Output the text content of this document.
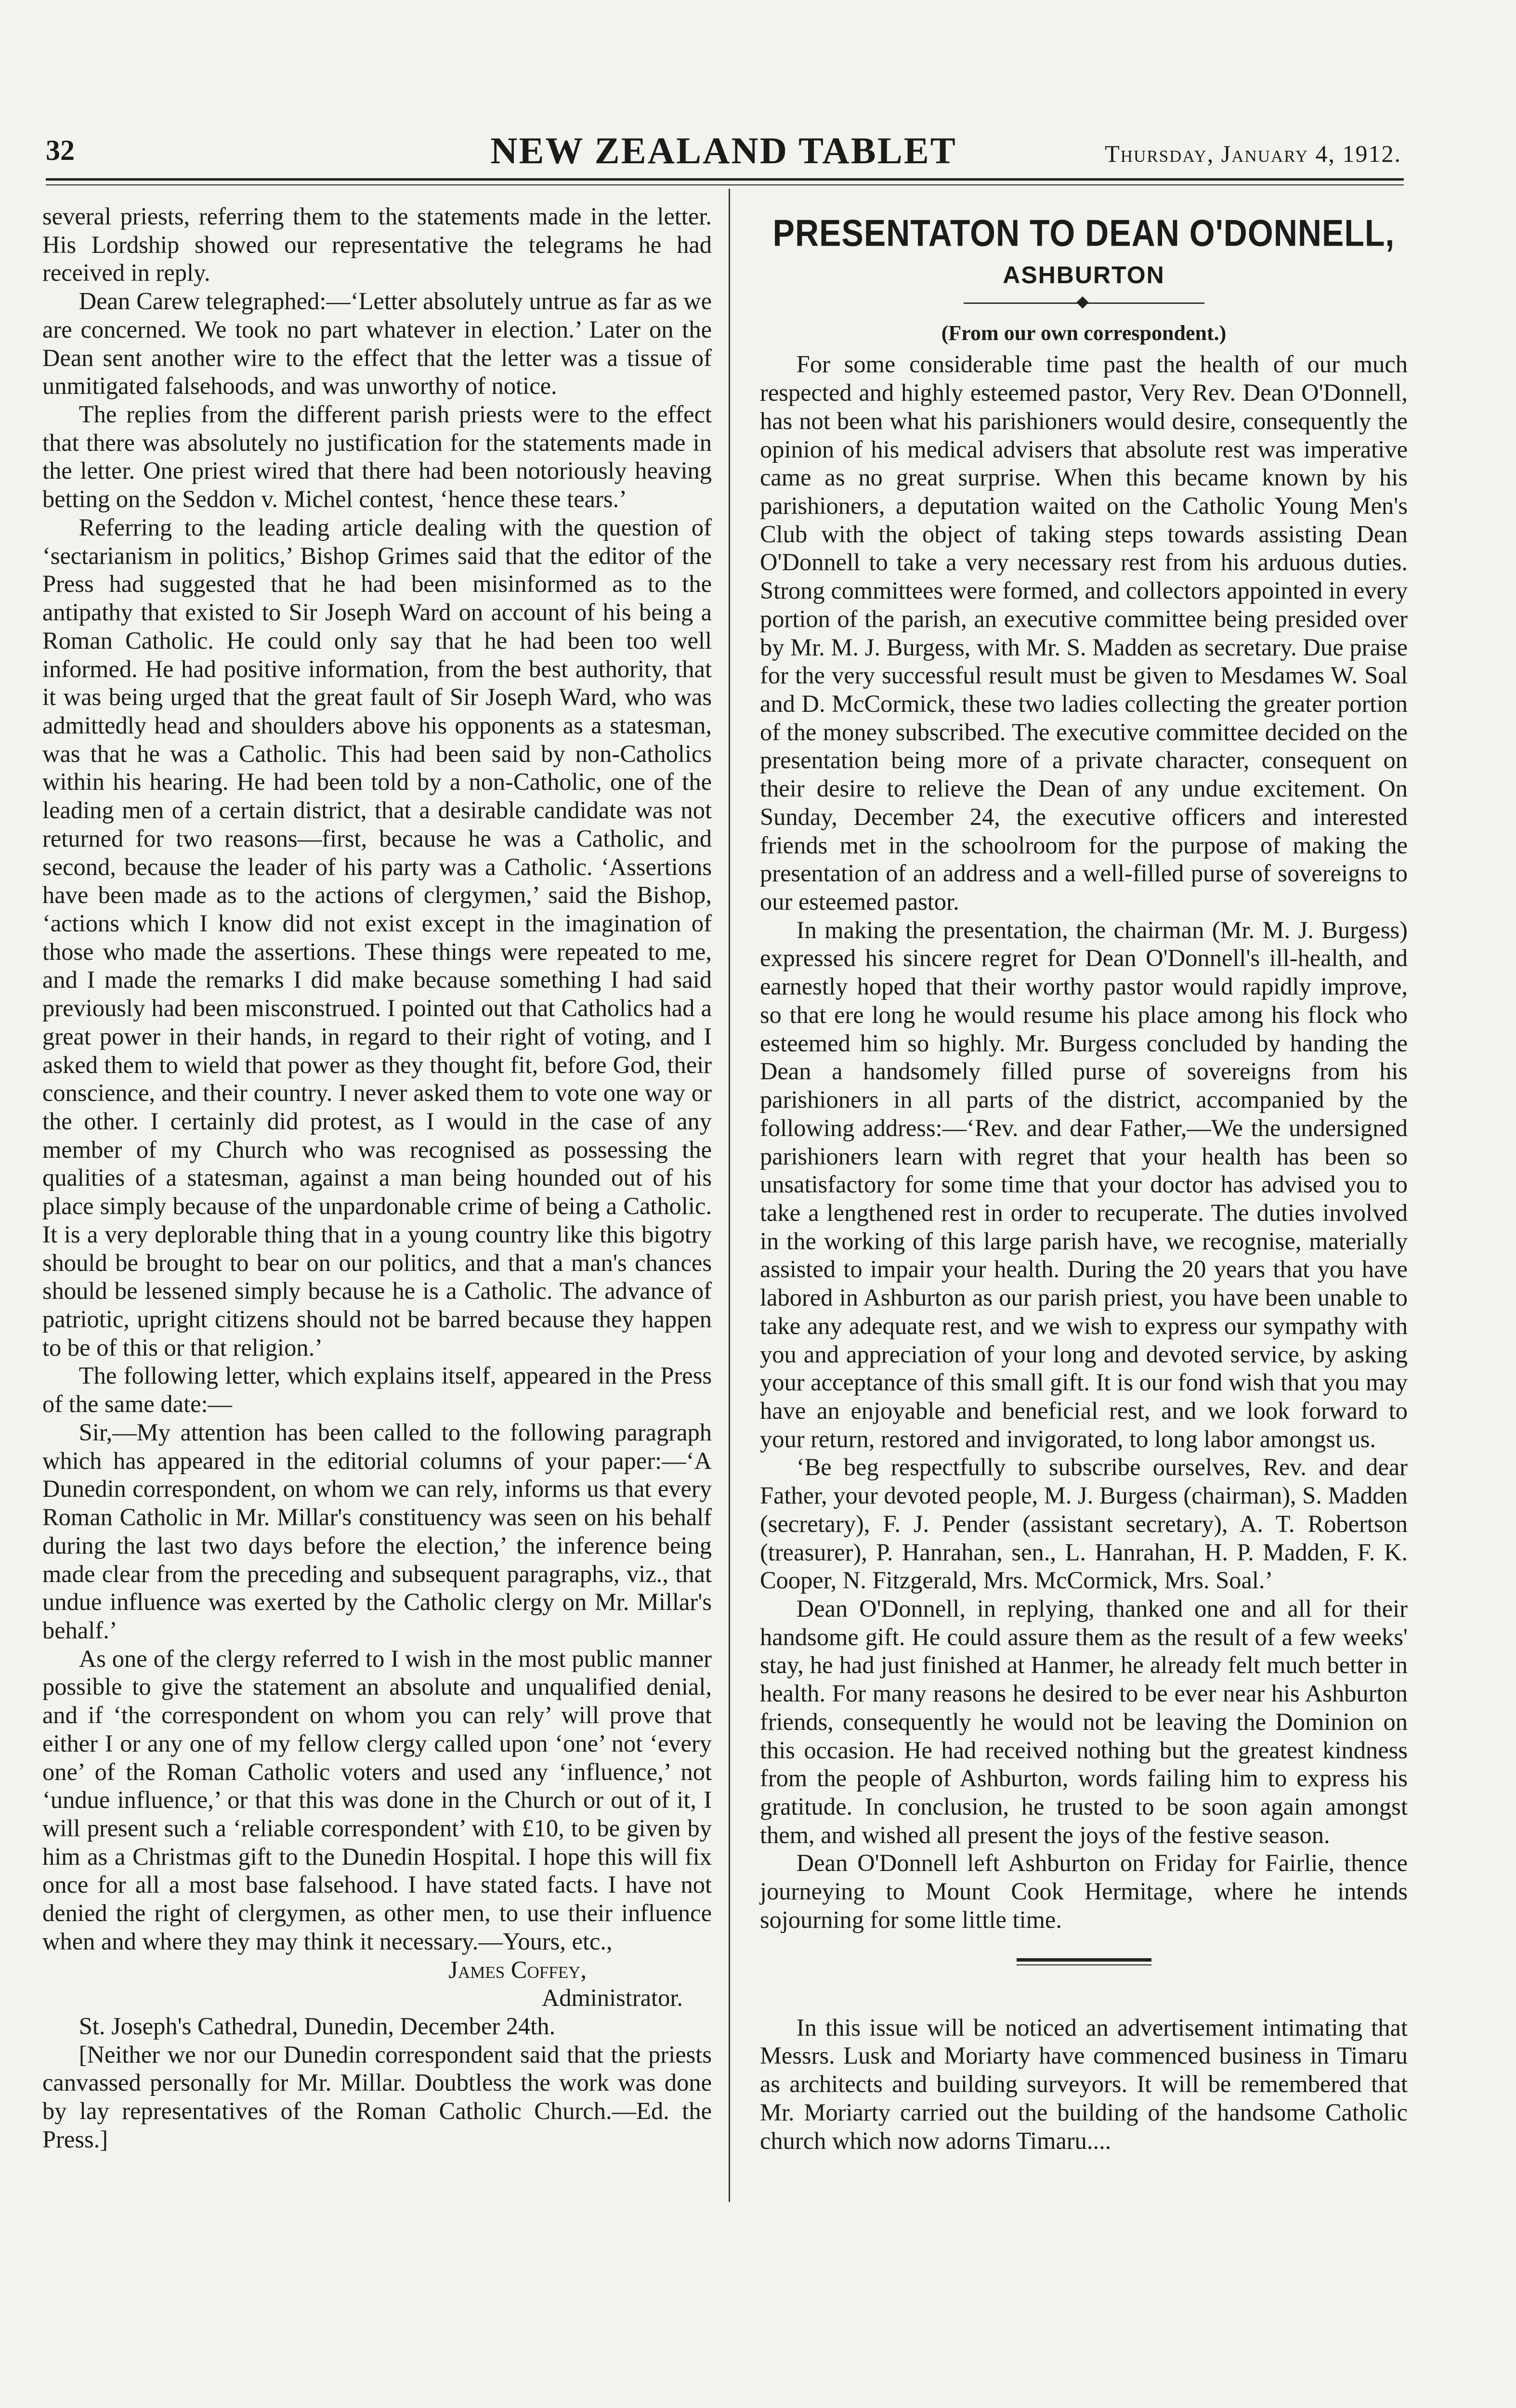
32	NEW ZEALAND TABLET	Thursday, January 4, 1912.

several priests, referring them to the statements made in the letter. His Lordship showed our representative the telegrams he had received in reply.

Dean Carew telegraphed:—‘Letter absolutely untrue as far as we are concerned. We took no part whatever in election.’ Later on the Dean sent another wire to the effect that the letter was a tissue of unmitigated falsehoods, and was unworthy of notice.

The replies from the different parish priests were to the effect that there was absolutely no justification for the statements made in the letter. One priest wired that there had been notoriously heaving betting on the Seddon v. Michel contest, ‘hence these tears.’

Referring to the leading article dealing with the question of ‘sectarianism in politics,’ Bishop Grimes said that the editor of the Press had suggested that he had been misinformed as to the antipathy that existed to Sir Joseph Ward on account of his being a Roman Catholic. He could only say that he had been too well informed. He had positive information, from the best authority, that it was being urged that the great fault of Sir Joseph Ward, who was admittedly head and shoulders above his opponents as a statesman, was that he was a Catholic. This had been said by non-Catholics within his hearing. He had been told by a non-Catholic, one of the leading men of a certain district, that a desirable candidate was not returned for two reasons—first, because he was a Catholic, and second, because the leader of his party was a Catholic. ‘Assertions have been made as to the actions of clergymen,’ said the Bishop, ‘actions which I know did not exist except in the imagination of those who made the assertions. These things were repeated to me, and I made the remarks I did make because something I had said previously had been misconstrued. I pointed out that Catholics had a great power in their hands, in regard to their right of voting, and I asked them to wield that power as they thought fit, before God, their conscience, and their country. I never asked them to vote one way or the other. I certainly did protest, as I would in the case of any member of my Church who was recognised as possessing the qualities of a statesman, against a man being hounded out of his place simply because of the unpardonable crime of being a Catholic. It is a very deplorable thing that in a young country like this bigotry should be brought to bear on our politics, and that a man's chances should be lessened simply because he is a Catholic. The advance of patriotic, upright citizens should not be barred because they happen to be of this or that religion.’

The following letter, which explains itself, appeared in the Press of the same date:—

Sir,—My attention has been called to the following paragraph which has appeared in the editorial columns of your paper:—‘A Dunedin correspondent, on whom we can rely, informs us that every Roman Catholic in Mr. Millar's constituency was seen on his behalf during the last two days before the election,’ the inference being made clear from the preceding and subsequent paragraphs, viz., that undue influence was exerted by the Catholic clergy on Mr. Millar's behalf.’

As one of the clergy referred to I wish in the most public manner possible to give the statement an absolute and unqualified denial, and if ‘the correspondent on whom you can rely’ will prove that either I or any one of my fellow clergy called upon ‘one’ not ‘every one’ of the Roman Catholic voters and used any ‘influence,’ not ‘undue influence,’ or that this was done in the Church or out of it, I will present such a ‘reliable correspondent’ with £10, to be given by him as a Christmas gift to the Dunedin Hospital. I hope this will fix once for all a most base falsehood. I have stated facts. I have not denied the right of clergymen, as other men, to use their influence when and where they may think it necessary.—Yours, etc.,

James Coffey,

Administrator.

St. Joseph's Cathedral, Dunedin, December 24th.

[Neither we nor our Dunedin correspondent said that the priests canvassed personally for Mr. Millar. Doubtless the work was done by lay representatives of the Roman Catholic Church.—Ed. the Press.]

PRESENTATON TO DEAN O'DONNELL,
ASHBURTON
(From our own correspondent.)

For some considerable time past the health of our much respected and highly esteemed pastor, Very Rev. Dean O'Donnell, has not been what his parishioners would desire, consequently the opinion of his medical advisers that absolute rest was imperative came as no great surprise. When this became known by his parishioners, a deputation waited on the Catholic Young Men's Club with the object of taking steps towards assisting Dean O'Donnell to take a very necessary rest from his arduous duties. Strong committees were formed, and collectors appointed in every portion of the parish, an executive committee being presided over by Mr. M. J. Burgess, with Mr. S. Madden as secretary. Due praise for the very successful result must be given to Mesdames W. Soal and D. McCormick, these two ladies collecting the greater portion of the money subscribed. The executive committee decided on the presentation being more of a private character, consequent on their desire to relieve the Dean of any undue excitement. On Sunday, December 24, the executive officers and interested friends met in the schoolroom for the purpose of making the presentation of an address and a well-filled purse of sovereigns to our esteemed pastor.

In making the presentation, the chairman (Mr. M. J. Burgess) expressed his sincere regret for Dean O'Donnell's ill-health, and earnestly hoped that their worthy pastor would rapidly improve, so that ere long he would resume his place among his flock who esteemed him so highly. Mr. Burgess concluded by handing the Dean a handsomely filled purse of sovereigns from his parishioners in all parts of the district, accompanied by the following address:—‘Rev. and dear Father,—We the undersigned parishioners learn with regret that your health has been so unsatisfactory for some time that your doctor has advised you to take a lengthened rest in order to recuperate. The duties involved in the working of this large parish have, we recognise, materially assisted to impair your health. During the 20 years that you have labored in Ashburton as our parish priest, you have been unable to take any adequate rest, and we wish to express our sympathy with you and appreciation of your long and devoted service, by asking your acceptance of this small gift. It is our fond wish that you may have an enjoyable and beneficial rest, and we look forward to your return, restored and invigorated, to long labor amongst us.

‘Be beg respectfully to subscribe ourselves, Rev. and dear Father, your devoted people, M. J. Burgess (chairman), S. Madden (secretary), F. J. Pender (assistant secretary), A. T. Robertson (treasurer), P. Hanrahan, sen., L. Hanrahan, H. P. Madden, F. K. Cooper, N. Fitzgerald, Mrs. McCormick, Mrs. Soal.’

Dean O'Donnell, in replying, thanked one and all for their handsome gift. He could assure them as the result of a few weeks' stay, he had just finished at Hanmer, he already felt much better in health. For many reasons he desired to be ever near his Ashburton friends, consequently he would not be leaving the Dominion on this occasion. He had received nothing but the greatest kindness from the people of Ashburton, words failing him to express his gratitude. In conclusion, he trusted to be soon again amongst them, and wished all present the joys of the festive season.

Dean O'Donnell left Ashburton on Friday for Fairlie, thence journeying to Mount Cook Hermitage, where he intends sojourning for some little time.

In this issue will be noticed an advertisement intimating that Messrs. Lusk and Moriarty have commenced business in Timaru as architects and building surveyors. It will be remembered that Mr. Moriarty carried out the building of the handsome Catholic church which now adorns Timaru....
